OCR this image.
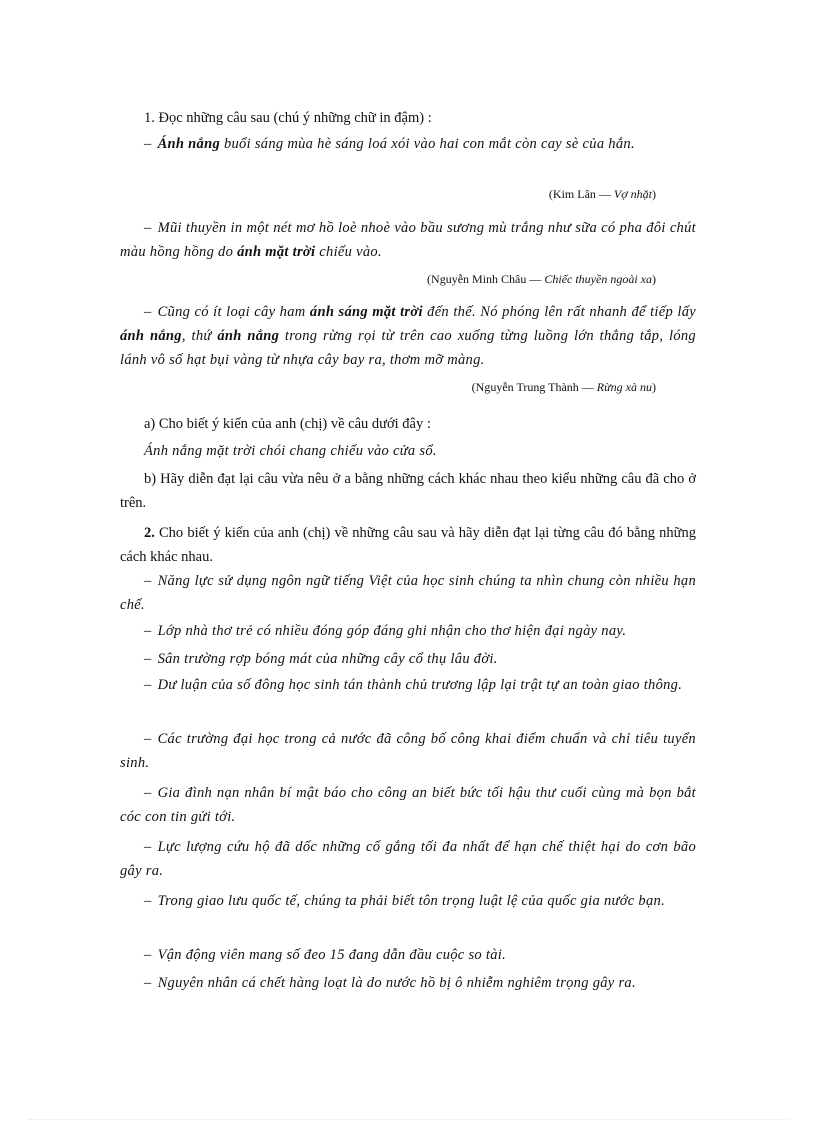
1. Đọc những câu sau (chú ý những chữ in đậm) :

– Ánh nắng buổi sáng mùa hè sáng loá xói vào hai con mắt còn cay sè của hắn.

(Kim Lân — Vợ nhặt)

– Mũi thuyền in một nét mơ hồ loè nhoè vào bầu sương mù trắng như sữa có pha đôi chút màu hồng hồng do ánh mặt trời chiếu vào.

(Nguyễn Minh Châu — Chiếc thuyền ngoài xa)

– Cũng có ít loại cây ham ánh sáng mặt trời đến thế. Nó phóng lên rất nhanh để tiếp lấy ánh nắng, thứ ánh nắng trong rừng rọi từ trên cao xuống từng luồng lớn thẳng tắp, lóng lánh vô số hạt bụi vàng từ nhựa cây bay ra, thơm mỡ màng.

(Nguyễn Trung Thành — Rừng xà nu)

a) Cho biết ý kiến của anh (chị) về câu dưới đây :

Ánh nắng mặt trời chói chang chiếu vào cửa sổ.

b) Hãy diễn đạt lại câu vừa nêu ở a bằng những cách khác nhau theo kiểu những câu đã cho ở trên.

2. Cho biết ý kiến của anh (chị) về những câu sau và hãy diễn đạt lại từng câu đó bằng những cách khác nhau.

– Năng lực sử dụng ngôn ngữ tiếng Việt của học sinh chúng ta nhìn chung còn nhiều hạn chế.

– Lớp nhà thơ trẻ có nhiều đóng góp đáng ghi nhận cho thơ hiện đại ngày nay.

– Sân trường rợp bóng mát của những cây cổ thụ lâu đời.

– Dư luận của số đông học sinh tán thành chủ trương lập lại trật tự an toàn giao thông.

– Các trường đại học trong cả nước đã công bố công khai điểm chuẩn và chỉ tiêu tuyển sinh.

– Gia đình nạn nhân bí mật báo cho công an biết bức tối hậu thư cuối cùng mà bọn bắt cóc con tin gửi tới.

– Lực lượng cứu hộ đã dốc những cố gắng tối đa nhất để hạn chế thiệt hại do cơn bão gây ra.

– Trong giao lưu quốc tế, chúng ta phải biết tôn trọng luật lệ của quốc gia nước bạn.

– Vận động viên mang số đeo 15 đang dẫn đầu cuộc so tài.

– Nguyên nhân cá chết hàng loạt là do nước hồ bị ô nhiễm nghiêm trọng gây ra.
